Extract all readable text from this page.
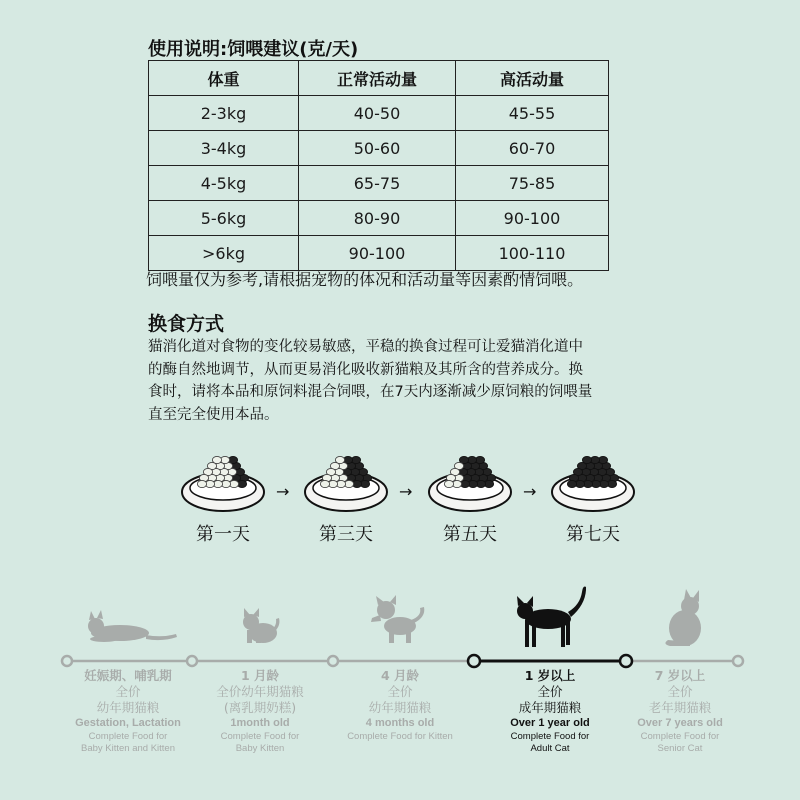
使用说明:饲喂建议(克/天)
体重	正常活动量	高活动量
2-3kg	40-50	45-55
3-4kg	50-60	60-70
4-5kg	65-75	75-85
5-6kg	80-90	90-100
>6kg	90-100	100-110
饲喂量仅为参考,请根据宠物的体况和活动量等因素酌情饲喂。
换食方式
猫消化道对食物的变化较易敏感，平稳的换食过程可让爱猫消化道中
的酶自然地调节，从而更易消化吸收新猫粮及其所含的营养成分。换
食时，请将本品和原饲料混合饲喂，在7天内逐渐减少原饲粮的饲喂量
直至完全使用本品。
→	→	→
第一天	第三天	第五天	第七天
妊娠期、哺乳期
全价
幼年期猫粮
Gestation, Lactation
Complete Food for
Baby Kitten and Kitten
1 月龄
全价幼年期猫粮
(离乳期奶糕)
1month old
Complete Food for
Baby Kitten
4 月龄
全价
幼年期猫粮
4 months old
Complete Food for Kitten
1 岁以上
全价
成年期猫粮
Over 1 year old
Complete Food for
Adult Cat
7 岁以上
全价
老年期猫粮
Over 7 years old
Complete Food for
Senior Cat
